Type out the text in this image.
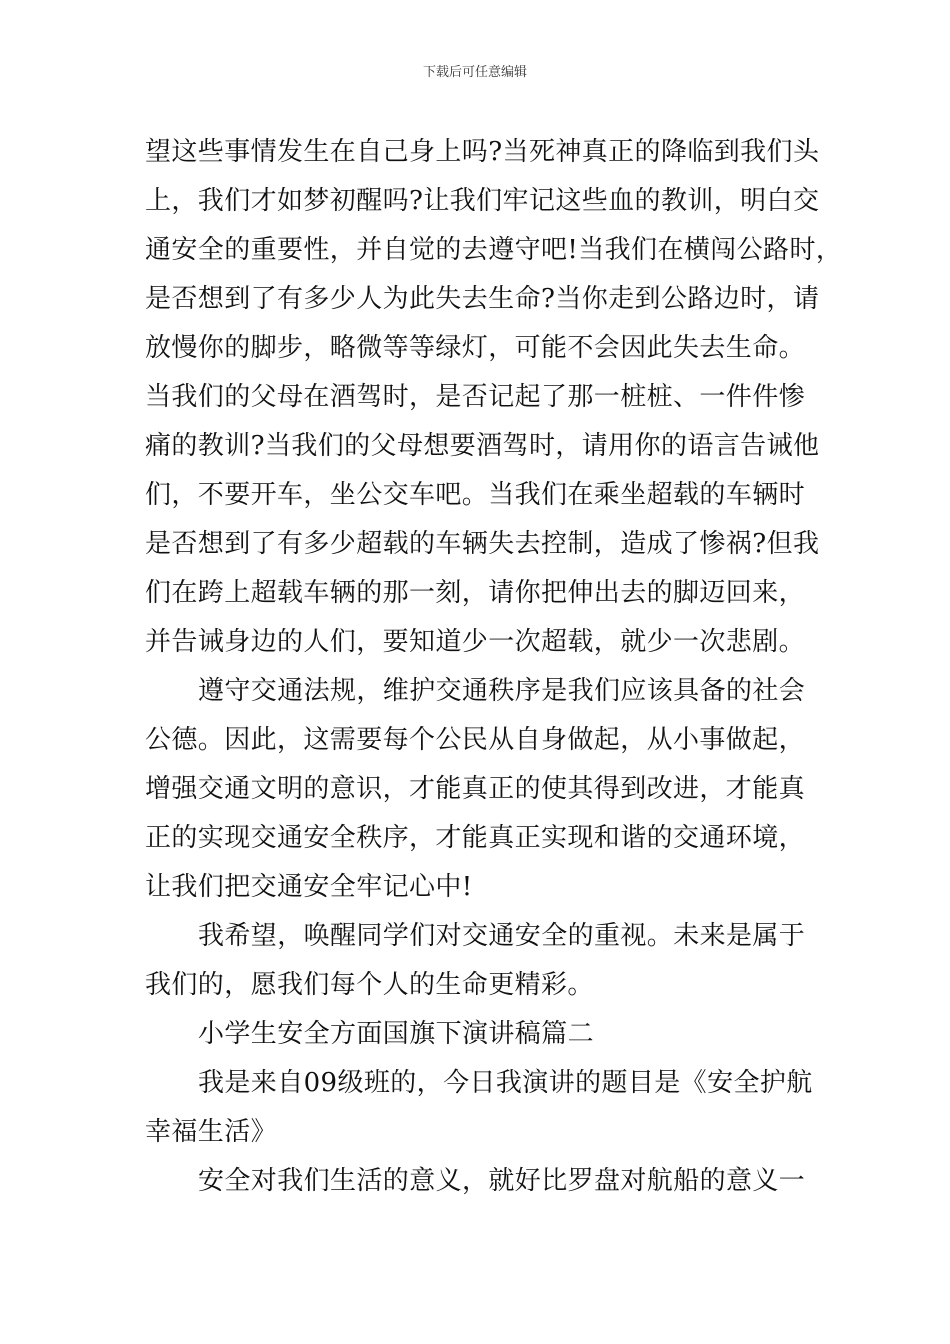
下载后可任意编辑
望这些事情发生在自己身上吗?当死神真正的降临到我们头
上，我们才如梦初醒吗?让我们牢记这些血的教训，明白交
通安全的重要性，并自觉的去遵守吧!当我们在横闯公路时，
是否想到了有多少人为此失去生命?当你走到公路边时，请
放慢你的脚步，略微等等绿灯，可能不会因此失去生命。
当我们的父母在酒驾时，是否记起了那一桩桩、一件件惨
痛的教训?当我们的父母想要酒驾时，请用你的语言告诫他
们，不要开车，坐公交车吧。当我们在乘坐超载的车辆时
是否想到了有多少超载的车辆失去控制，造成了惨祸?但我
们在跨上超载车辆的那一刻，请你把伸出去的脚迈回来，
并告诫身边的人们，要知道少一次超载，就少一次悲剧。
遵守交通法规，维护交通秩序是我们应该具备的社会
公德。因此，这需要每个公民从自身做起，从小事做起，
增强交通文明的意识，才能真正的使其得到改进，才能真
正的实现交通安全秩序，才能真正实现和谐的交通环境，
让我们把交通安全牢记心中!
我希望，唤醒同学们对交通安全的重视。未来是属于
我们的，愿我们每个人的生命更精彩。
小学生安全方面国旗下演讲稿篇二
我是来自09级班的，今日我演讲的题目是《安全护航
幸福生活》
安全对我们生活的意义，就好比罗盘对航船的意义一
